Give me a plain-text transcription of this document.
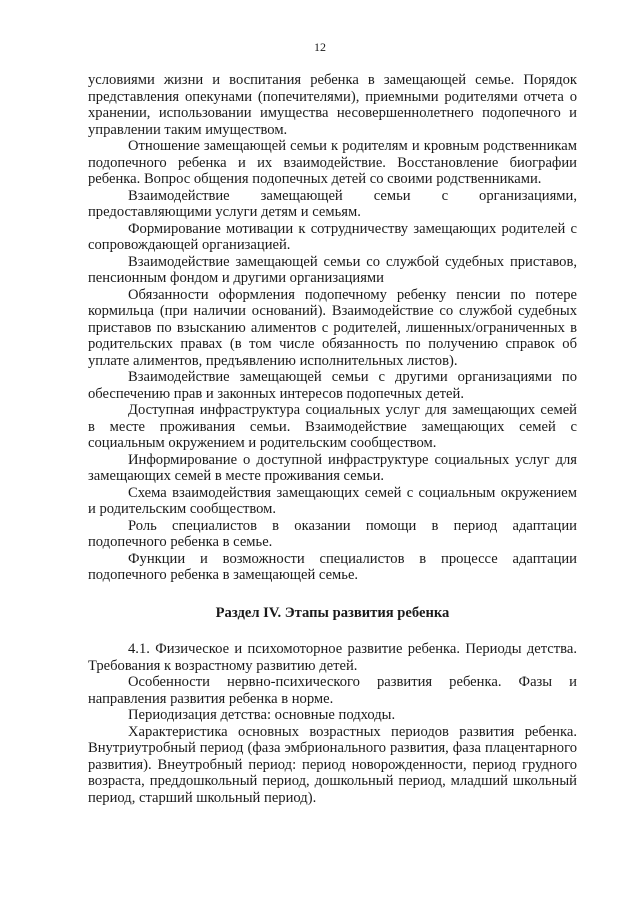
12

условиями жизни и воспитания ребенка в замещающей семье. Порядок представления опекунами (попечителями), приемными родителями отчета о хранении, использовании имущества несовершеннолетнего подопечного и управлении таким имуществом.

Отношение замещающей семьи к родителям и кровным родственникам подопечного ребенка и их взаимодействие. Восстановление биографии ребенка. Вопрос общения подопечных детей со своими родственниками.

Взаимодействие замещающей семьи с организациями, предоставляющими услуги детям и семьям.

Формирование мотивации к сотрудничеству замещающих родителей с сопровождающей организацией.

Взаимодействие замещающей семьи со службой судебных приставов, пенсионным фондом и другими организациями

Обязанности оформления подопечному ребенку пенсии по потере кормильца (при наличии оснований). Взаимодействие со службой судебных приставов по взысканию алиментов с родителей, лишенных/ограниченных в родительских правах (в том числе обязанность по получению справок об уплате алиментов, предъявлению исполнительных листов).

Взаимодействие замещающей семьи с другими организациями по обеспечению прав и законных интересов подопечных детей.

Доступная инфраструктура социальных услуг для замещающих семей в месте проживания семьи. Взаимодействие замещающих семей с социальным окружением и родительским сообществом.

Информирование о доступной инфраструктуре социальных услуг для замещающих семей в месте проживания семьи.

Схема взаимодействия замещающих семей с социальным окружением и родительским сообществом.

Роль специалистов в оказании помощи в период адаптации подопечного ребенка в семье.

Функции и возможности специалистов в процессе адаптации подопечного ребенка в замещающей семье.

Раздел IV. Этапы развития ребенка

4.1. Физическое и психомоторное развитие ребенка. Периоды детства. Требования к возрастному развитию детей.

Особенности нервно-психического развития ребенка. Фазы и направления развития ребенка в норме.

Периодизация детства: основные подходы.

Характеристика основных возрастных периодов развития ребенка. Внутриутробный период (фаза эмбрионального развития, фаза плацентарного развития). Внеутробный период: период новорожденности, период грудного возраста, преддошкольный период, дошкольный период, младший школьный период, старший школьный период).
